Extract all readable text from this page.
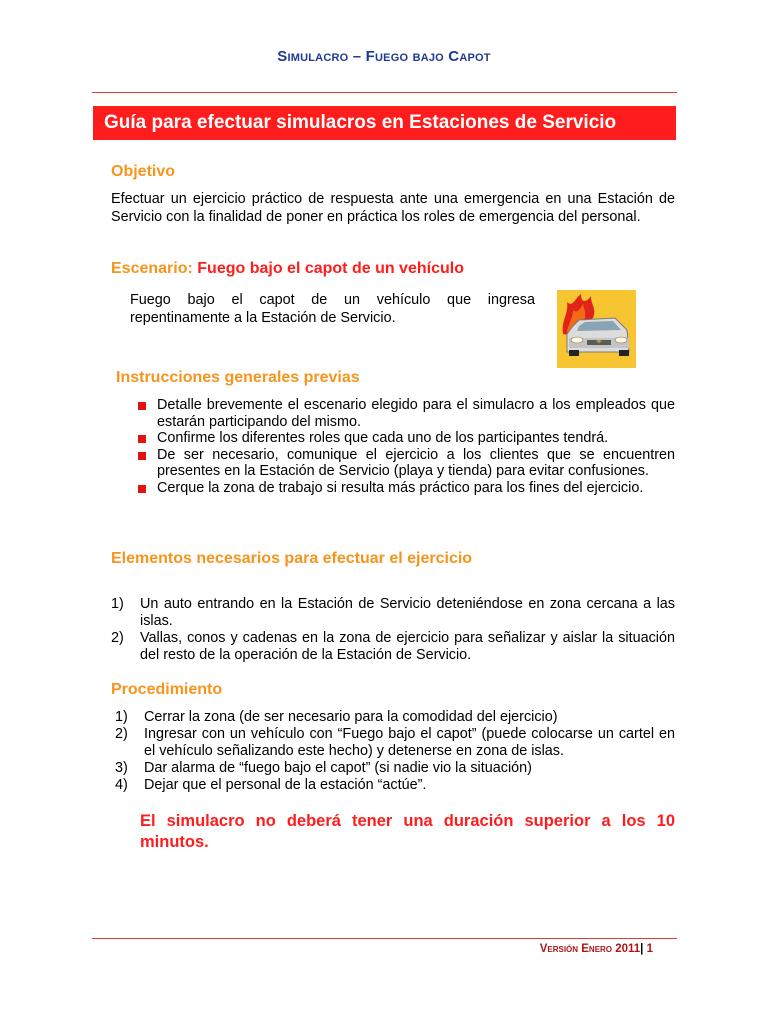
Simulacro – Fuego bajo Capot
Guía para efectuar simulacros en Estaciones de Servicio
Objetivo
Efectuar un ejercicio práctico de respuesta ante una emergencia en una Estación de Servicio con la finalidad de poner en práctica los roles de emergencia del personal.
Escenario: Fuego bajo el capot de un vehículo
Fuego bajo el capot de un vehículo que ingresa repentinamente a la Estación de Servicio.
Instrucciones generales previas
Detalle brevemente el escenario elegido para el simulacro a los empleados que estarán participando del mismo.
Confirme los diferentes roles que cada uno de los participantes tendrá.
De ser necesario, comunique el ejercicio a los clientes que se encuentren presentes en la Estación de Servicio (playa y tienda) para evitar confusiones.
Cerque la zona de trabajo si resulta más práctico para los fines del ejercicio.
Elementos necesarios para efectuar el ejercicio
1) Un auto entrando en la Estación de Servicio deteniéndose en zona cercana a las islas.
2) Vallas, conos y cadenas en la zona de ejercicio para señalizar y aislar la situación del resto de la operación de la Estación de Servicio.
Procedimiento
1) Cerrar la zona (de ser necesario para la comodidad del ejercicio)
2) Ingresar con un vehículo con “Fuego bajo el capot” (puede colocarse un cartel en el vehículo señalizando este hecho) y detenerse en zona de islas.
3) Dar alarma de “fuego bajo el capot” (si nadie vio la situación)
4) Dejar que el personal de la estación “actúe”.
El simulacro no deberá tener una duración superior a los 10 minutos.
Versión Enero 2011| 1
